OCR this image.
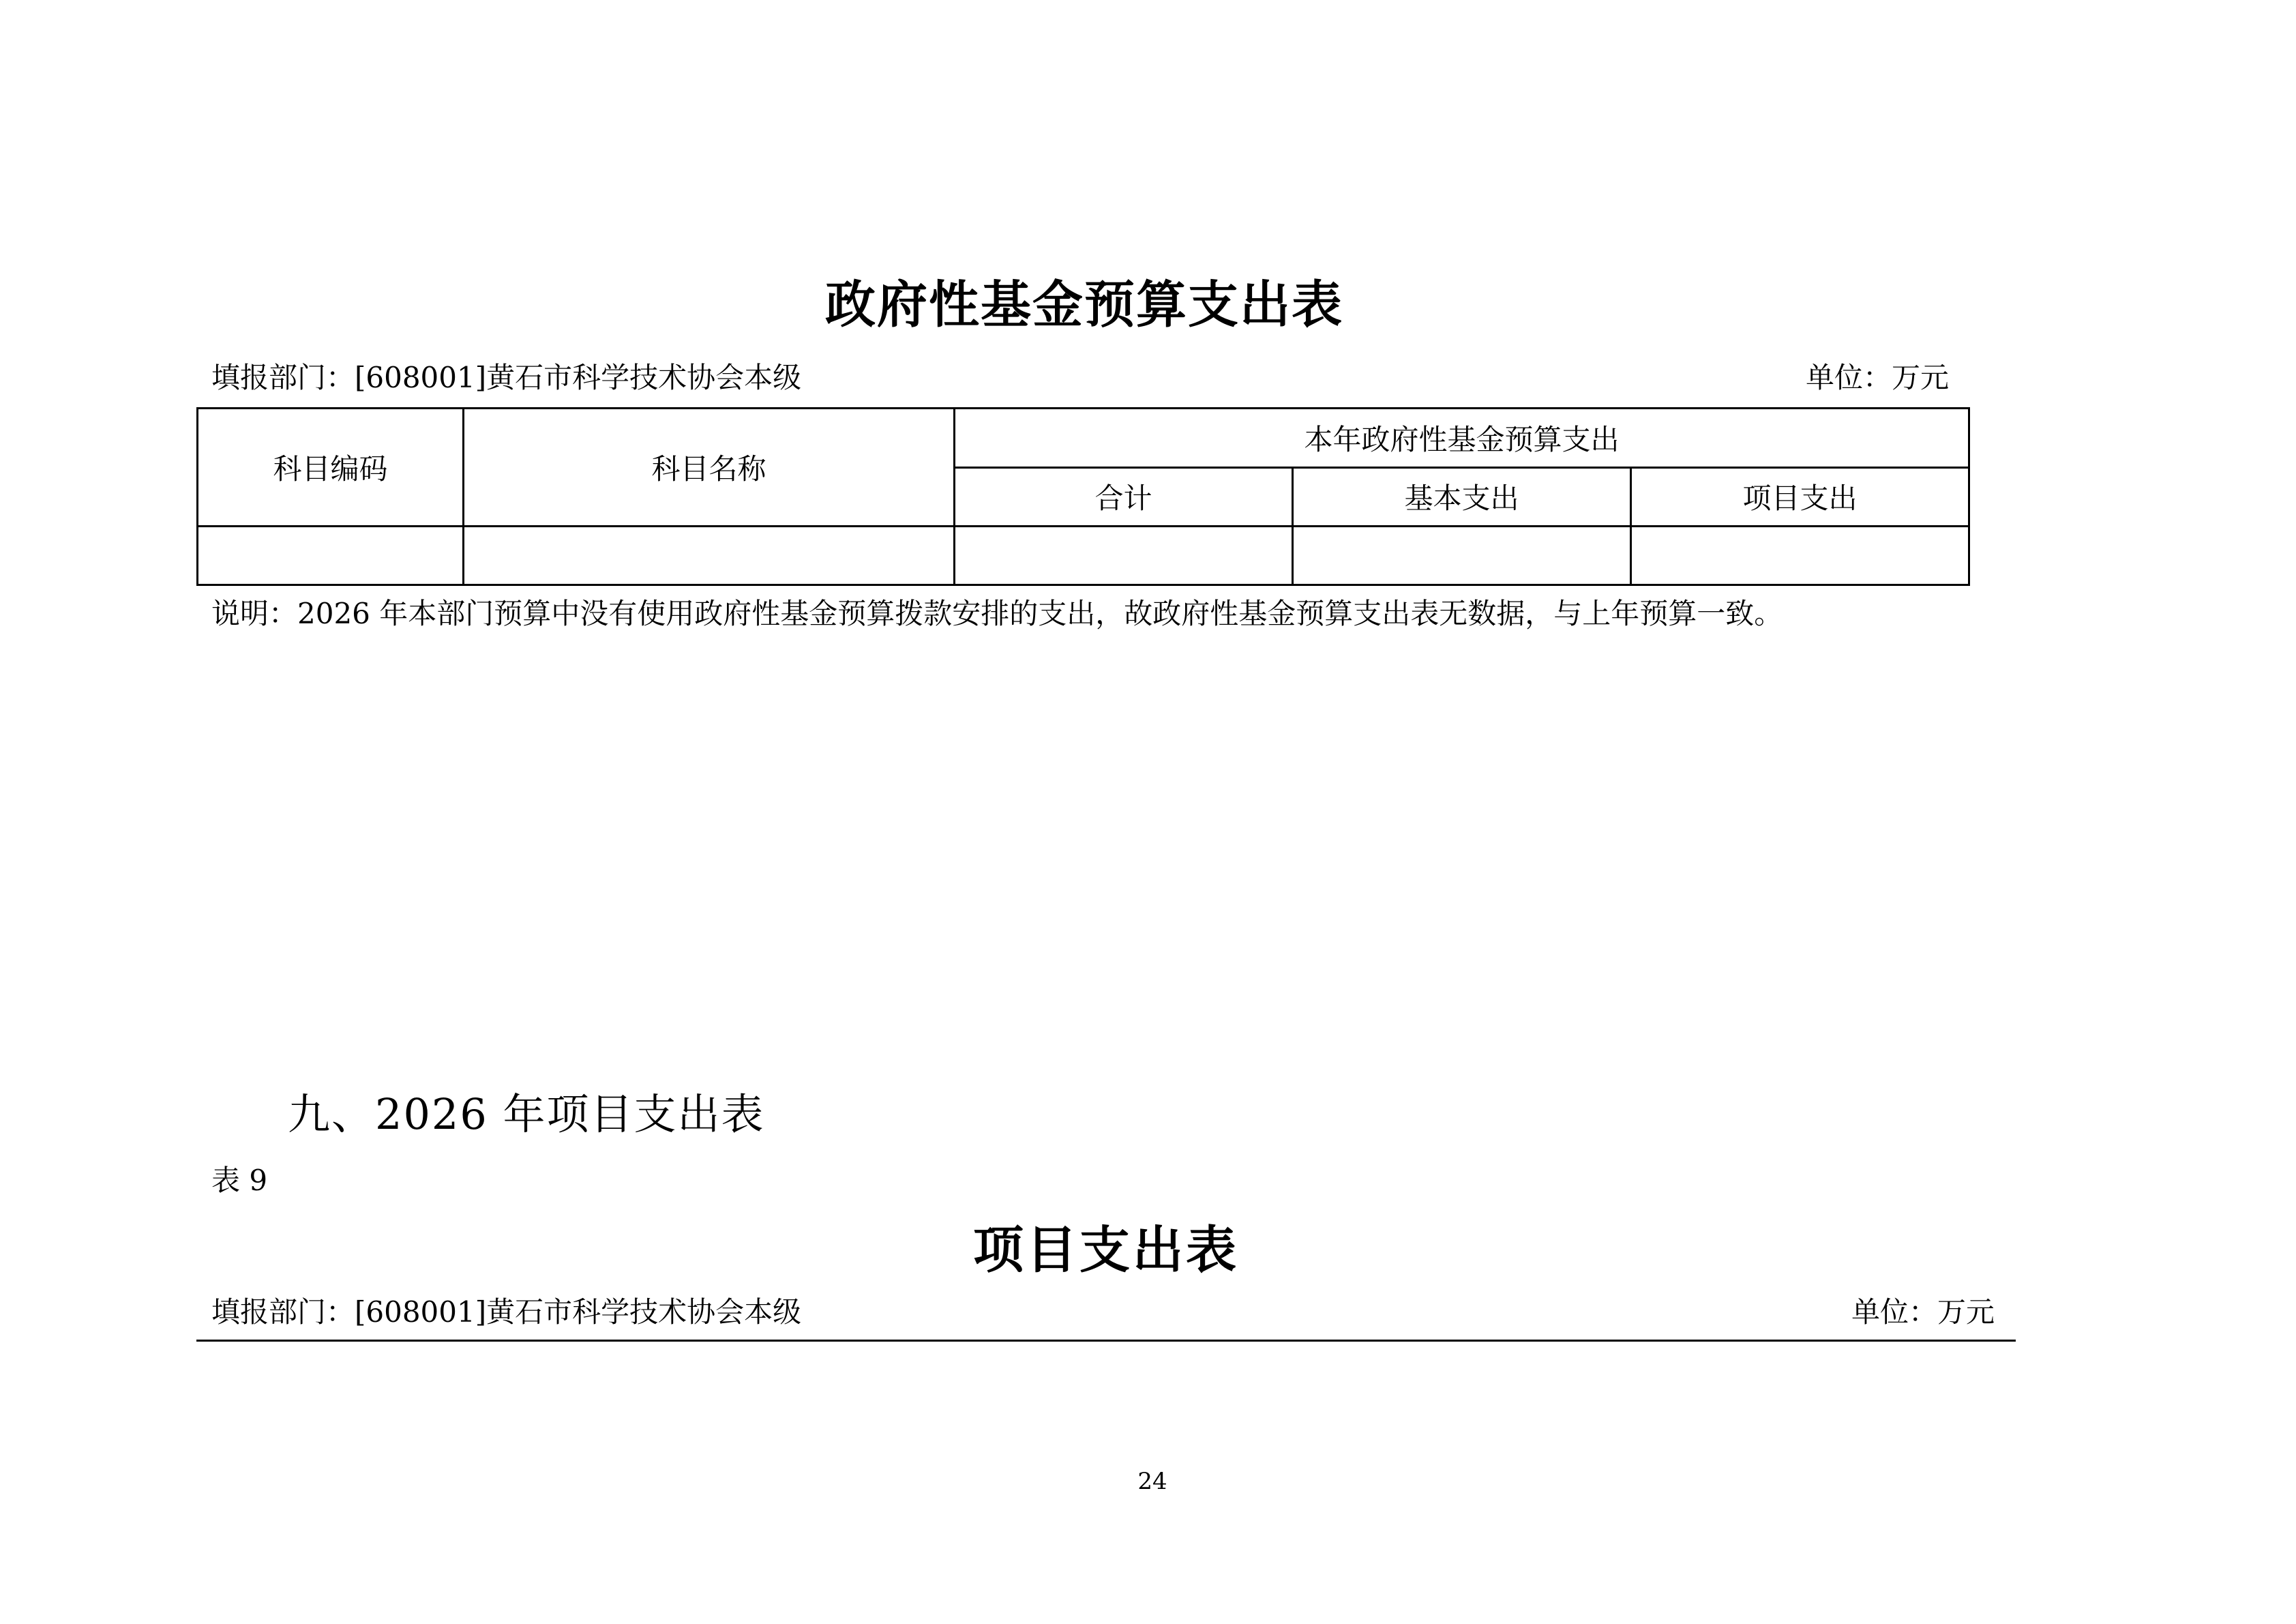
政府性基金预算支出表
填报部门：[608001]黄石市科学技术协会本级	单位：万元
科目编码	科目名称	本年政府性基金预算支出		
		合计	基本支出	项目支出

说明：2026 年本部门预算中没有使用政府性基金预算拨款安排的支出，故政府性基金预算支出表无数据，与上年预算一致。
九、2026 年项目支出表
表 9
项目支出表
填报部门：[608001]黄石市科学技术协会本级	单位：万元
24
